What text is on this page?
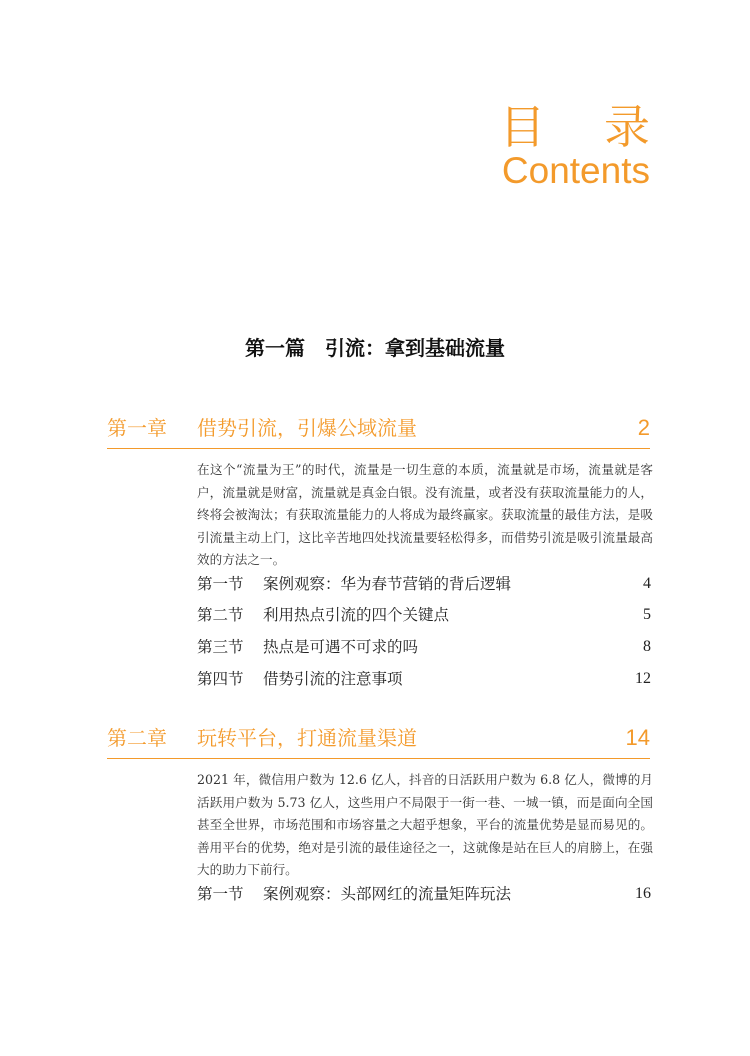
目 录
Contents
第一篇　引流：拿到基础流量
第一章 借势引流，引爆公域流量	2
在这个“流量为王”的时代，流量是一切生意的本质，流量就是市场，流量就是客户，流量就是财富，流量就是真金白银。没有流量，或者没有获取流量能力的人，终将会被淘汰；有获取流量能力的人将成为最终赢家。获取流量的最佳方法，是吸引流量主动上门，这比辛苦地四处找流量要轻松得多，而借势引流是吸引流量最高效的方法之一。
第一节 案例观察：华为春节营销的背后逻辑	4
第二节 利用热点引流的四个关键点	5
第三节 热点是可遇不可求的吗	8
第四节 借势引流的注意事项	12
第二章 玩转平台，打通流量渠道	14
2021 年，微信用户数为 12.6 亿人，抖音的日活跃用户数为 6.8 亿人，微博的月活跃用户数为 5.73 亿人，这些用户不局限于一街一巷、一城一镇，而是面向全国甚至全世界，市场范围和市场容量之大超乎想象，平台的流量优势是显而易见的。善用平台的优势，绝对是引流的最佳途径之一，这就像是站在巨人的肩膀上，在强大的助力下前行。
第一节 案例观察：头部网红的流量矩阵玩法	16
